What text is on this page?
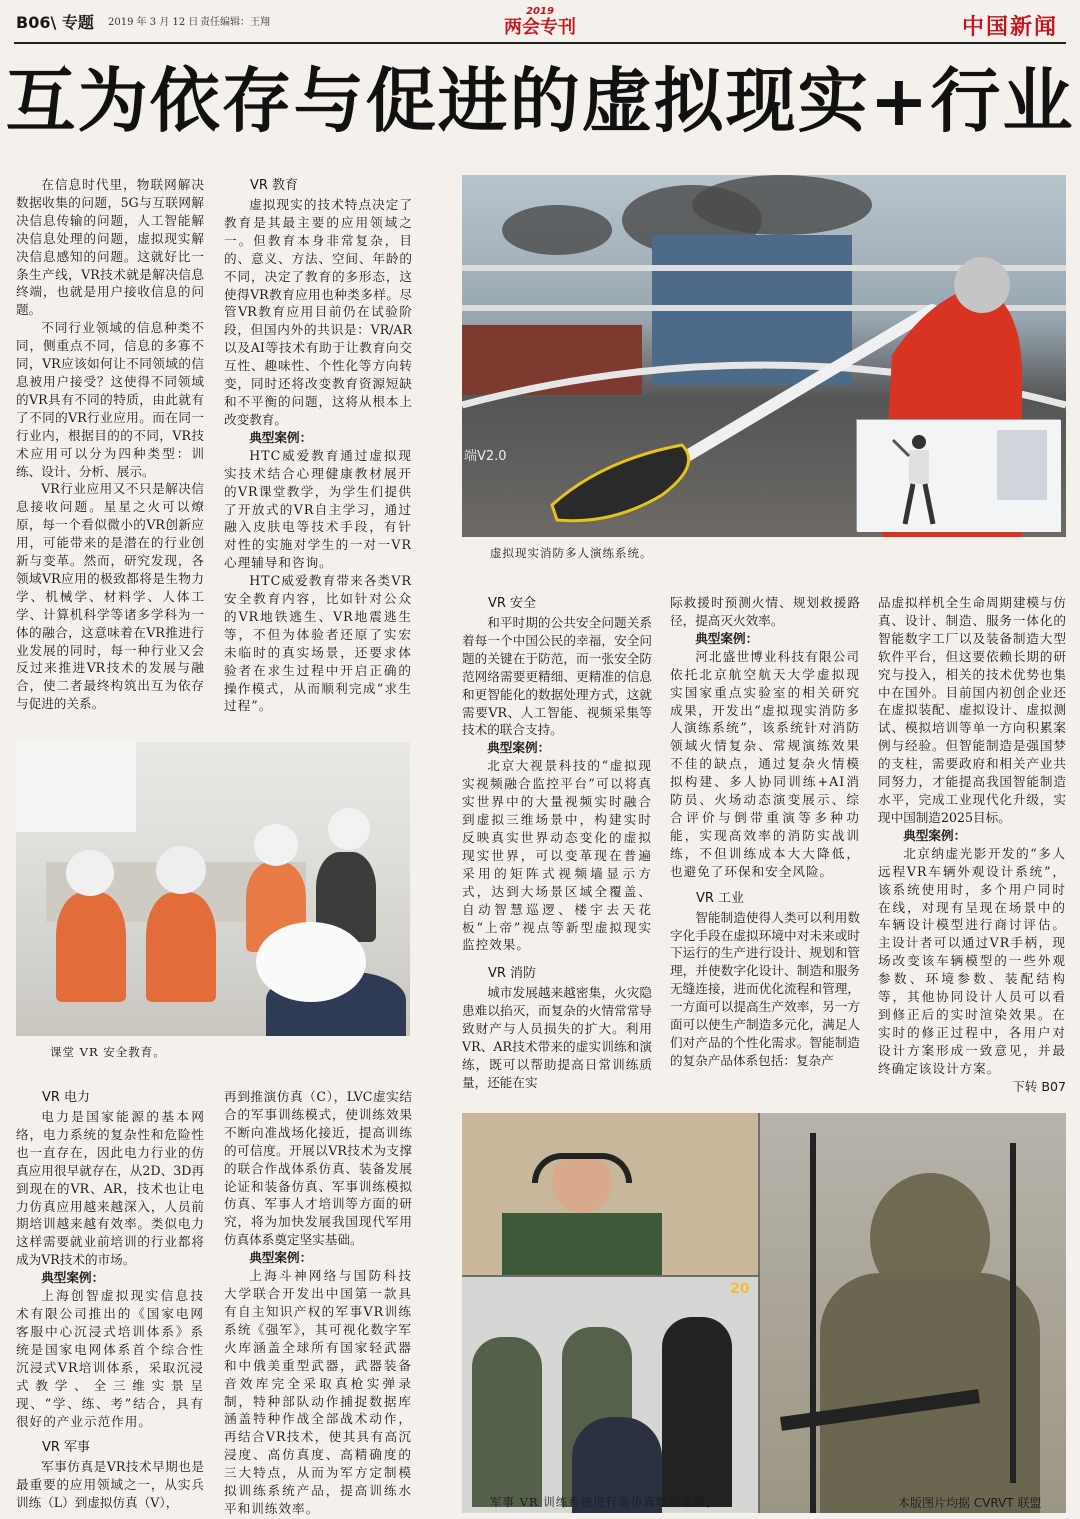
B06\ 专题 2019 年 3 月 12 日 责任编辑：王翔
2019
两会专刊	中国新闻
互为依存与促进的虚拟现实+行业

在信息时代里，物联网解决数据收集的问题，5G与互联网解决信息传输的问题，人工智能解决信息处理的问题，虚拟现实解决信息感知的问题。这就好比一条生产线，VR技术就是解决信息终端，也就是用户接收信息的问题。

不同行业领域的信息种类不同，侧重点不同，信息的多寡不同，VR应该如何让不同领域的信息被用户接受？这使得不同领域的VR具有不同的特质，由此就有了不同的VR行业应用。而在同一行业内，根据目的的不同，VR技术应用可以分为四种类型：训练、设计、分析、展示。

VR行业应用又不只是解决信息接收问题。星星之火可以燎原，每一个看似微小的VR创新应用，可能带来的是潜在的行业创新与变革。然而，研究发现，各领域VR应用的极致都将是生物力学、机械学、材料学、人体工学、计算机科学等诸多学科为一体的融合，这意味着在VR推进行业发展的同时，每一种行业又会反过来推进VR技术的发展与融合，使二者最终构筑出互为依存与促进的关系。

VR 教育

虚拟现实的技术特点决定了教育是其最主要的应用领域之一。但教育本身非常复杂，目的、意义、方法、空间、年龄的不同，决定了教育的多形态，这使得VR教育应用也种类多样。尽管VR教育应用目前仍在试验阶段，但国内外的共识是：VR/AR以及AI等技术有助于让教育向交互性、趣味性、个性化等方向转变，同时还将改变教育资源短缺和不平衡的问题，这将从根本上改变教育。

典型案例：

HTC威爱教育通过虚拟现实技术结合心理健康教材展开的VR课堂教学，为学生们提供了开放式的VR自主学习，通过融入皮肤电等技术手段，有针对性的实施对学生的一对一VR心理辅导和咨询。

HTC威爱教育带来各类VR安全教育内容，比如针对公众的VR地铁逃生、VR地震逃生等，不但为体验者还原了实宏未临时的真实场景，还要求体验者在求生过程中开启正确的操作模式，从而顺利完成“求生过程”。

端V2.0
虚拟现实消防多人演练系统。
VR 安全

和平时期的公共安全问题关系着每一个中国公民的幸福，安全问题的关键在于防范，而一张安全防范网络需要更精细、更精准的信息和更智能化的数据处理方式，这就需要VR、人工智能、视频采集等技术的联合支持。

典型案例：

北京大视景科技的“虚拟现实视频融合监控平台”可以将真实世界中的大量视频实时融合到虚拟三维场景中，构建实时反映真实世界动态变化的虚拟现实世界，可以变革现在普遍采用的矩阵式视频墙显示方式，达到大场景区域全覆盖、自动智慧巡逻、楼宇去天花板“上帝”视点等新型虚拟现实监控效果。

VR 消防

城市发展越来越密集，火灾隐患难以掐灭，而复杂的火情常常导致财产与人员损失的扩大。利用VR、AR技术带来的虚实训练和演练，既可以帮助提高日常训练质量，还能在实

际救援时预测火情、规划救援路径，提高灭火效率。

典型案例：

河北盛世博业科技有限公司依托北京航空航天大学虚拟现实国家重点实验室的相关研究成果，开发出“虚拟现实消防多人演练系统”，该系统针对消防领域火情复杂、常规演练效果不佳的缺点，通过复杂火情模拟构建、多人协同训练+AI消防员、火场动态演变展示、综合评价与倒带重演等多种功能，实现高效率的消防实战训练，不但训练成本大大降低，也避免了环保和安全风险。

VR 工业

智能制造使得人类可以利用数字化手段在虚拟环境中对未来或时下运行的生产进行设计、规划和管理，并使数字化设计、制造和服务无缝连接，进而优化流程和管理，一方面可以提高生产效率，另一方面可以使生产制造多元化，满足人们对产品的个性化需求。智能制造的复杂产品体系包括：复杂产

品虚拟样机全生命周期建模与仿真、设计、制造、服务一体化的智能数字工厂以及装备制造大型软件平台，但这要依赖长期的研究与投入，相关的技术优势也集中在国外。目前国内初创企业还在虚拟装配、虚拟设计、虚拟测试、模拟培训等单一方向积累案例与经验。但智能制造是强国梦的支柱，需要政府和相关产业共同努力，才能提高我国智能制造水平，完成工业现代化升级，实现中国制造2025目标。

典型案例：

北京纳虚光影开发的“多人远程VR车辆外观设计系统”，该系统使用时，多个用户同时在线，对现有呈现在场景中的车辆设计模型进行商讨评估。主设计者可以通过VR手柄，现场改变该车辆模型的一些外观参数、环境参数、装配结构等，其他协同设计人员可以看到修正后的实时渲染效果。在实时的修正过程中，各用户对设计方案形成一致意见，并最终确定该设计方案。

下转 B07
课堂 VR 安全教育。
VR 电力

电力是国家能源的基本网络，电力系统的复杂性和危险性也一直存在，因此电力行业的仿真应用很早就存在，从2D、3D再到现在的VR、AR，技术也让电力仿真应用越来越深入，人员前期培训越来越有效率。类似电力这样需要就业前培训的行业都将成为VR技术的市场。

典型案例：

上海创智虚拟现实信息技术有限公司推出的《国家电网客服中心沉浸式培训体系》系统是国家电网体系首个综合性沉浸式VR培训体系，采取沉浸式教学、全三维实景呈现、“学、练、考”结合，具有很好的产业示范作用。

VR 军事

军事仿真是VR技术早期也是最重要的应用领域之一，从实兵训练（L）到虚拟仿真（V），

再到推演仿真（C），LVC虚实结合的军事训练模式，使训练效果不断向准战场化接近，提高训练的可信度。开展以VR技术为支撑的联合作战体系仿真、装备发展论证和装备仿真、军事训练模拟仿真、军事人才培训等方面的研究，将为加快发展我国现代军用仿真体系奠定坚实基础。

典型案例：

上海斗神网络与国防科技大学联合开发出中国第一款具有自主知识产权的军事VR训练系统《强军》，其可视化数字军火库涵盖全球所有国家轻武器和中俄美重型武器，武器装备音效库完全采取真枪实弹录制，特种部队动作捕捉数据库涵盖特种作战全部战术动作，再结合VR技术，使其具有高沉浸度、高仿真度、高精确度的三大特点，从而为军方定制模拟训练系统产品，提高训练水平和训练效率。

20
军事 VR 训练系统进行高仿真数据采集。	本版图片均据 CVRVT 联盟
